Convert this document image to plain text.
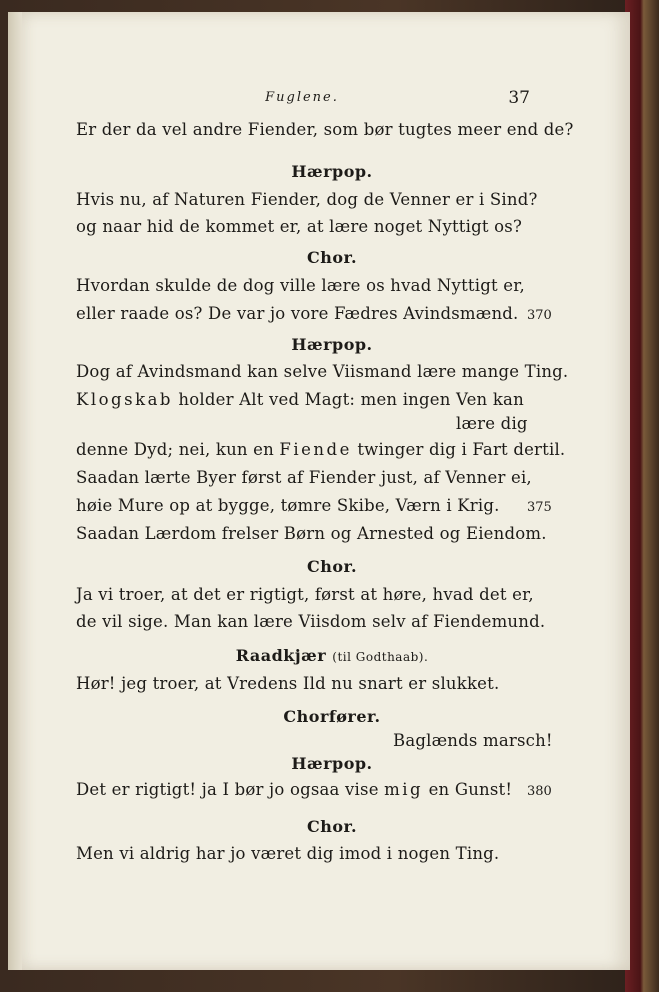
Fuglene.	37
Er der da vel andre Fiender, som bør tugtes meer end de?
Hærpop.
Hvis nu, af Naturen Fiender, dog de Venner er i Sind?
og naar hid de kommet er, at lære noget Nyttigt os?
Chor.
Hvordan skulde de dog ville lære os hvad Nyttigt er,
eller raade os? De var jo vore Fædres Avindsmænd. 370
Hærpop.
Dog af Avindsmand kan selve Viismand lære mange Ting.
Klogskab holder Alt ved Magt: men ingen Ven kan
lære dig
denne Dyd; nei, kun en Fiende twinger dig i Fart dertil.
Saadan lærte Byer først af Fiender just, af Venner ei,
høie Mure op at bygge, tømre Skibe, Værn i Krig. 375
Saadan Lærdom frelser Børn og Arnested og Eiendom.
Chor.
Ja vi troer, at det er rigtigt, først at høre, hvad det er,
de vil sige. Man kan lære Viisdom selv af Fiendemund.
Raadkjær (til Godthaab).
Hør! jeg troer, at Vredens Ild nu snart er slukket.
Chorfører.
Baglænds marsch!
Hærpop.
Det er rigtigt! ja I bør jo ogsaa vise mig en Gunst! 380
Chor.
Men vi aldrig har jo været dig imod i nogen Ting.
